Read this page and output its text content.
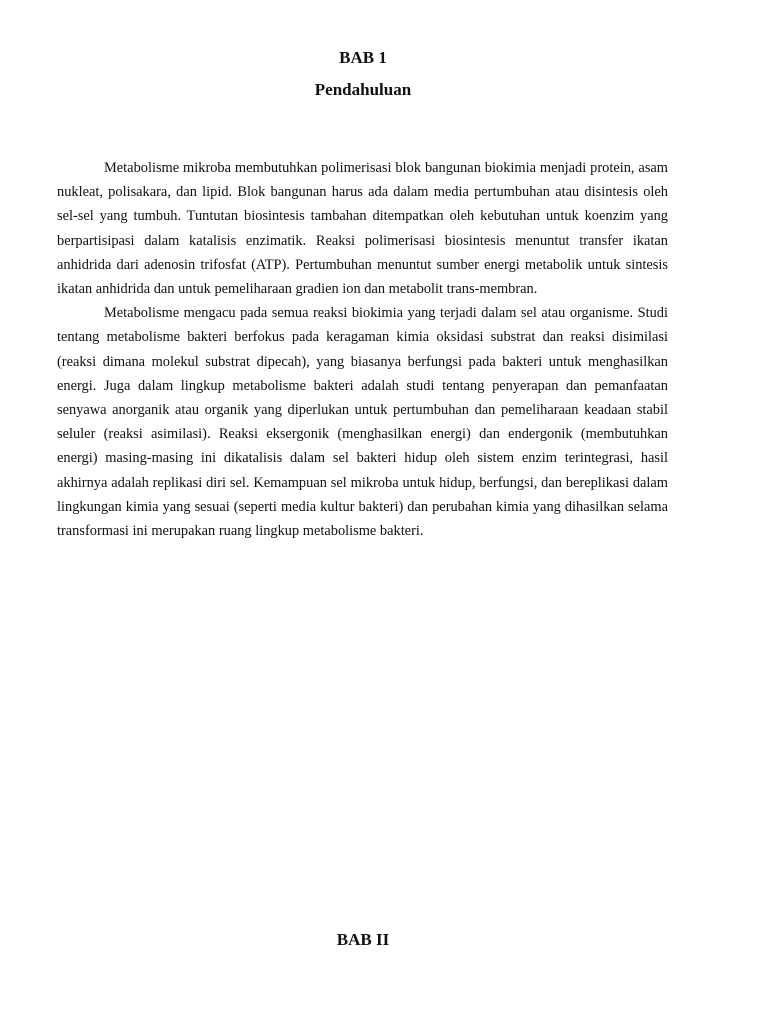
BAB 1
Pendahuluan

Metabolisme mikroba membutuhkan polimerisasi blok bangunan biokimia menjadi protein, asam nukleat, polisakara, dan lipid. Blok bangunan harus ada dalam media pertumbuhan atau disintesis oleh sel-sel yang tumbuh. Tuntutan biosintesis tambahan ditempatkan oleh kebutuhan untuk koenzim yang berpartisipasi dalam katalisis enzimatik. Reaksi polimerisasi biosintesis menuntut transfer ikatan anhidrida dari adenosin trifosfat (ATP). Pertumbuhan menuntut sumber energi metabolik untuk sintesis ikatan anhidrida dan untuk pemeliharaan gradien ion dan metabolit trans-membran.

Metabolisme mengacu pada semua reaksi biokimia yang terjadi dalam sel atau organisme. Studi tentang metabolisme bakteri berfokus pada keragaman kimia oksidasi substrat dan reaksi disimilasi (reaksi dimana molekul substrat dipecah), yang biasanya berfungsi pada bakteri untuk menghasilkan energi. Juga dalam lingkup metabolisme bakteri adalah studi tentang penyerapan dan pemanfaatan senyawa anorganik atau organik yang diperlukan untuk pertumbuhan dan pemeliharaan keadaan stabil seluler (reaksi asimilasi). Reaksi eksergonik (menghasilkan energi) dan endergonik (membutuhkan energi) masing-masing ini dikatalisis dalam sel bakteri hidup oleh sistem enzim terintegrasi, hasil akhirnya adalah replikasi diri sel. Kemampuan sel mikroba untuk hidup, berfungsi, dan bereplikasi dalam lingkungan kimia yang sesuai (seperti media kultur bakteri) dan perubahan kimia yang dihasilkan selama transformasi ini merupakan ruang lingkup metabolisme bakteri.

BAB II
